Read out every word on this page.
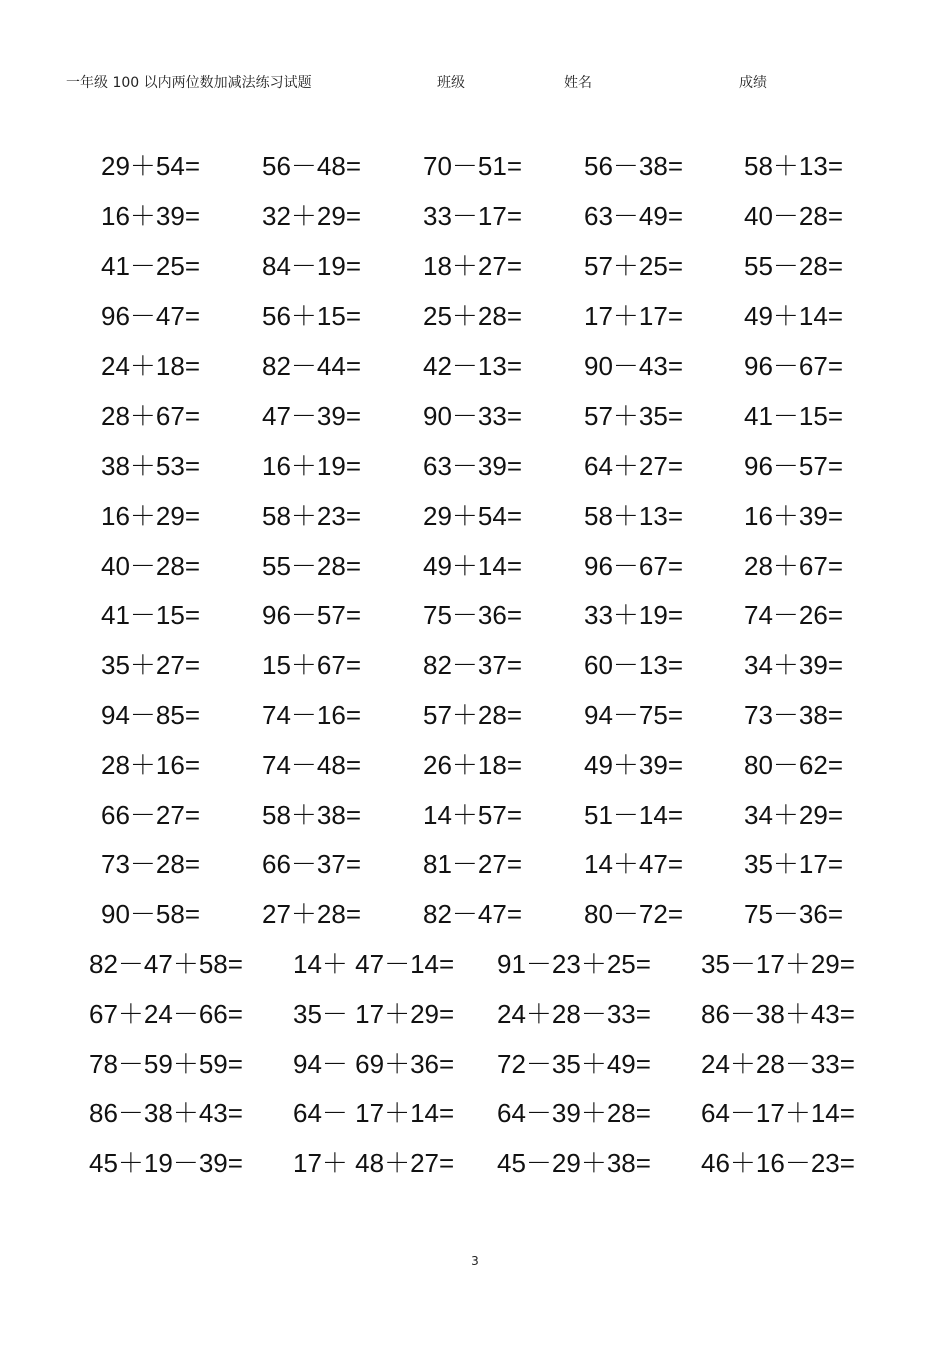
一年级 100 以内两位数加减法练习试题	班级	姓名	成绩
29＋54= 56－48= 70－51= 56－38= 58＋13=
16＋39= 32＋29= 33－17= 63－49= 40－28=
41－25= 84－19= 18＋27= 57＋25= 55－28=
96－47= 56＋15= 25＋28= 17＋17= 49＋14=
24＋18= 82－44= 42－13= 90－43= 96－67=
28＋67= 47－39= 90－33= 57＋35= 41－15=
38＋53= 16＋19= 63－39= 64＋27= 96－57=
16＋29= 58＋23= 29＋54= 58＋13= 16＋39=
40－28= 55－28= 49＋14= 96－67= 28＋67=
41－15= 96－57= 75－36= 33＋19= 74－26=
35＋27= 15＋67= 82－37= 60－13= 34＋39=
94－85= 74－16= 57＋28= 94－75= 73－38=
28＋16= 74－48= 26＋18= 49＋39= 80－62=
66－27= 58＋38= 14＋57= 51－14= 34＋29=
73－28= 66－37= 81－27= 14＋47= 35＋17=
90－58= 27＋28= 82－47= 80－72= 75－36=
82－47＋58= 14＋ 47－14= 91－23＋25= 35－17＋29=
67＋24－66= 35－ 17＋29= 24＋28－33= 86－38＋43=
78－59＋59= 94－ 69＋36= 72－35＋49= 24＋28－33=
86－38＋43= 64－ 17＋14= 64－39＋28= 64－17＋14=
45＋19－39= 17＋ 48＋27= 45－29＋38= 46＋16－23=
3
